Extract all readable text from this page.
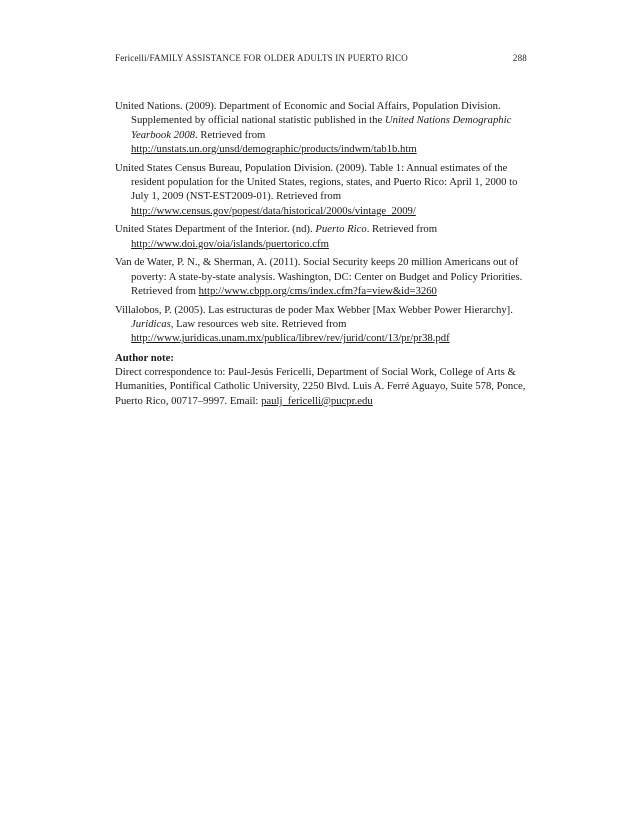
Fericelli/FAMILY ASSISTANCE FOR OLDER ADULTS IN PUERTO RICO	288

United Nations. (2009). Department of Economic and Social Affairs, Population Division. Supplemented by official national statistic published in the United Nations Demographic Yearbook 2008. Retrieved from http://unstats.un.org/unsd/demographic/products/indwm/tab1b.htm

United States Census Bureau, Population Division. (2009). Table 1: Annual estimates of the resident population for the United States, regions, states, and Puerto Rico: April 1, 2000 to July 1, 2009 (NST-EST2009-01). Retrieved from http://www.census.gov/popest/data/historical/2000s/vintage_2009/

United States Department of the Interior. (nd). Puerto Rico. Retrieved from http://www.doi.gov/oia/islands/puertorico.cfm

Van de Water, P. N., & Sherman, A. (2011). Social Security keeps 20 million Americans out of poverty: A state-by-state analysis. Washington, DC: Center on Budget and Policy Priorities. Retrieved from http://www.cbpp.org/cms/index.cfm?fa=view&id=3260

Villalobos, P. (2005). Las estructuras de poder Max Webber [Max Webber Power Hierarchy]. Juridicas, Law resources web site. Retrieved from http://www.juridicas.unam.mx/publica/librev/rev/jurid/cont/13/pr/pr38.pdf

Author note:
Direct correspondence to: Paul-Jesús Fericelli, Department of Social Work, College of Arts & Humanities, Pontifical Catholic University, 2250 Blvd. Luis A. Ferré Aguayo, Suite 578, Ponce, Puerto Rico, 00717–9997. Email: paulj_fericelli@pucpr.edu
